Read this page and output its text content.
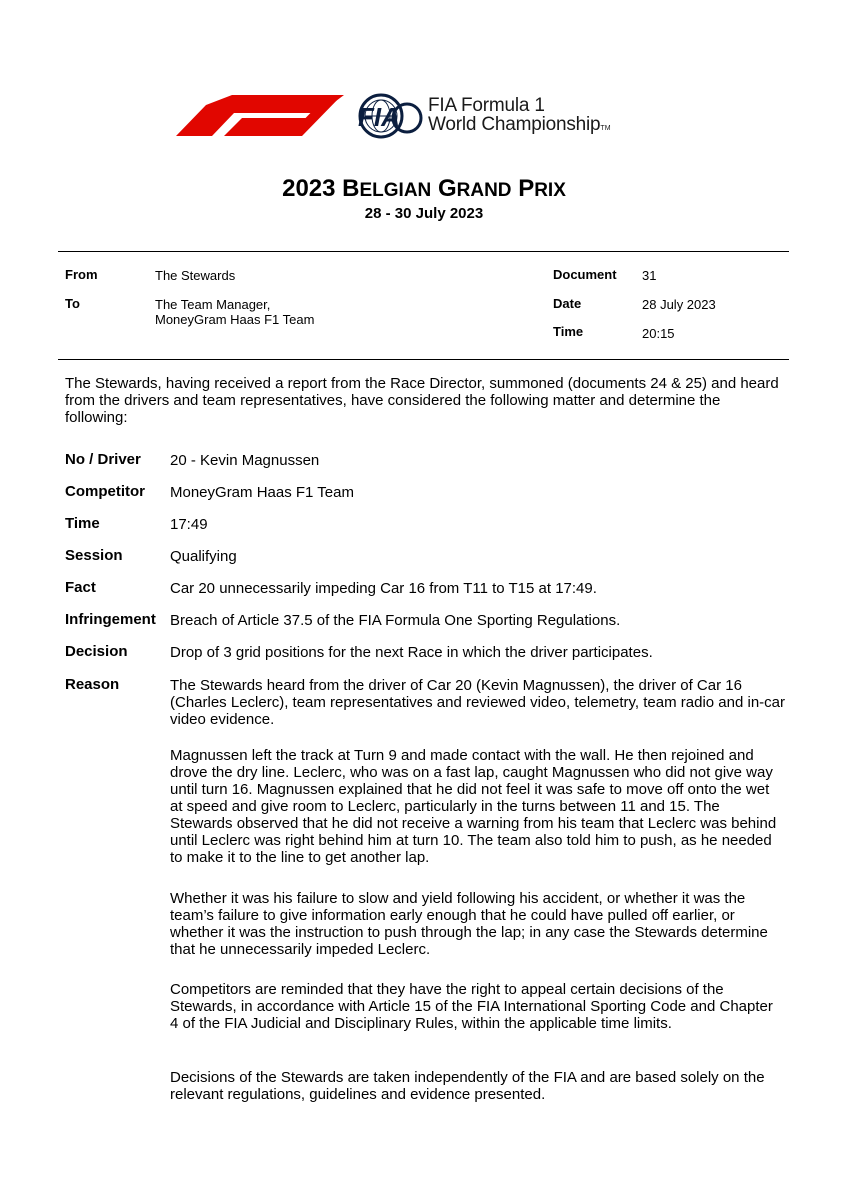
FIA FIA Formula 1
World ChampionshipTM
2023 BELGIAN GRAND PRIX
28 - 30 July 2023
From	The Stewards
To	The Team Manager,
MoneyGram Haas F1 Team
Document 31
Date	28 July 2023
Time	20:15
The Stewards, having received a report from the Race Director, summoned (documents 24 & 25) and heard from the drivers and team representatives, have considered the following matter and determine the following:
No / Driver 20 - Kevin Magnussen
Competitor MoneyGram Haas F1 Team
Time	17:49
Session	Qualifying
Fact	Car 20 unnecessarily impeding Car 16 from T11 to T15 at 17:49.
Infringement Breach of Article 37.5 of the FIA Formula One Sporting Regulations.
Decision	Drop of 3 grid positions for the next Race in which the driver participates.
Reason	The Stewards heard from the driver of Car 20 (Kevin Magnussen), the driver of Car 16 (Charles Leclerc), team representatives and reviewed video, telemetry, team radio and in-car video evidence.
Magnussen left the track at Turn 9 and made contact with the wall. He then rejoined and drove the dry line. Leclerc, who was on a fast lap, caught Magnussen who did not give way until turn 16. Magnussen explained that he did not feel it was safe to move off onto the wet at speed and give room to Leclerc, particularly in the turns between 11 and 15. The Stewards observed that he did not receive a warning from his team that Leclerc was behind until Leclerc was right behind him at turn 10. The team also told him to push, as he needed to make it to the line to get another lap.
Whether it was his failure to slow and yield following his accident, or whether it was the team’s failure to give information early enough that he could have pulled off earlier, or whether it was the instruction to push through the lap; in any case the Stewards determine that he unnecessarily impeded Leclerc.
Competitors are reminded that they have the right to appeal certain decisions of the Stewards, in accordance with Article 15 of the FIA International Sporting Code and Chapter 4 of the FIA Judicial and Disciplinary Rules, within the applicable time limits.
Decisions of the Stewards are taken independently of the FIA and are based solely on the relevant regulations, guidelines and evidence presented.
